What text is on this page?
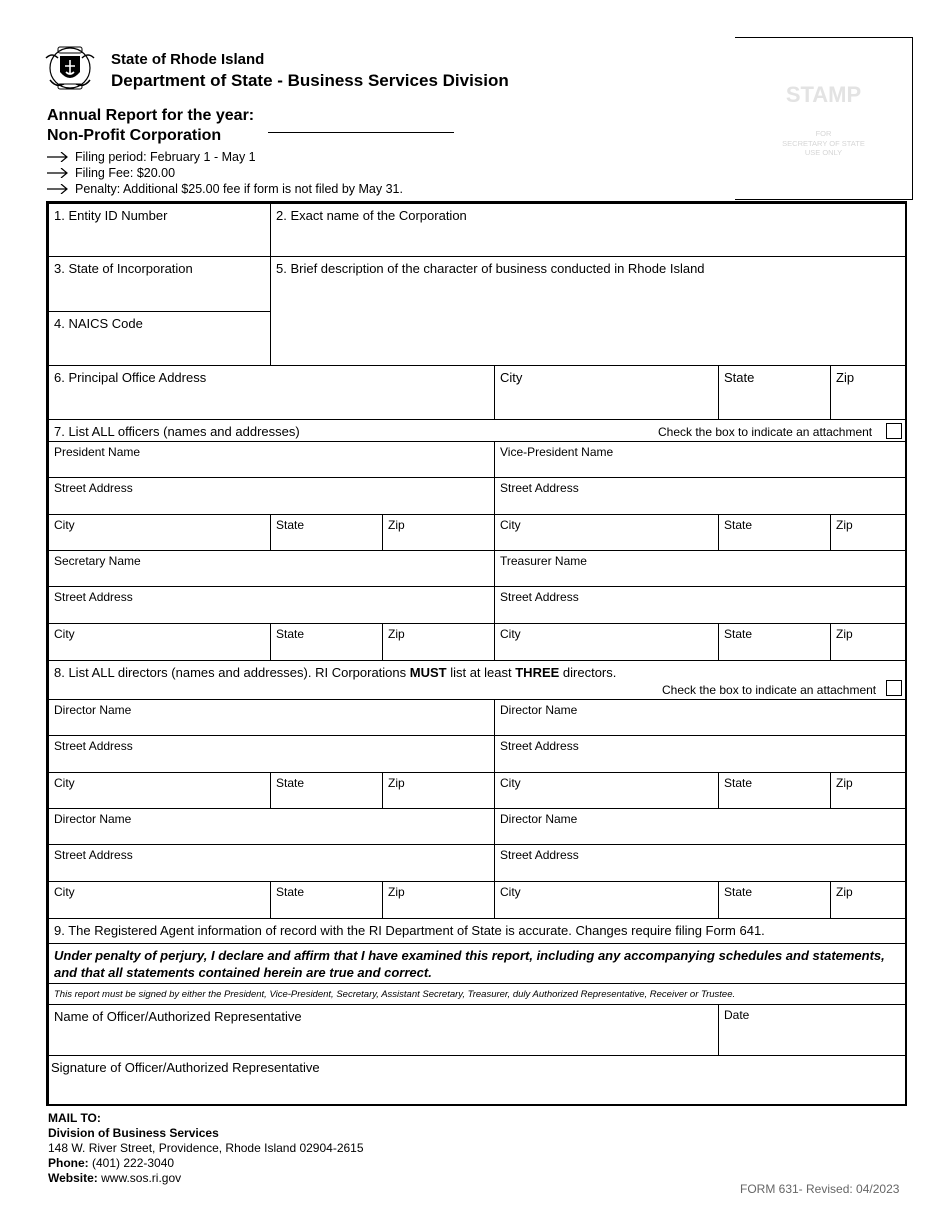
State of Rhode Island
Department of State - Business Services Division
Annual Report for the year:
Non-Profit Corporation
Filing period: February 1 - May 1
Filing Fee: $20.00
Penalty: Additional $25.00 fee if form is not filed by May 31.
STAMP
FOR
SECRETARY OF STATE
USE ONLY
1. Entity ID Number	2. Exact name of the Corporation
3. State of Incorporation
4. NAICS Code
5. Brief description of the character of business conducted in Rhode Island
6. Principal Office Address	City	State	Zip
7. List ALL officers (names and addresses)	Check the box to indicate an attachment
President Name	Vice-President Name
Street Address	Street Address
City	State	Zip	City	State	Zip
Secretary Name	Treasurer Name
Street Address	Street Address
City	State	Zip	City	State	Zip
8. List ALL directors (names and addresses). RI Corporations MUST list at least THREE directors.
Check the box to indicate an attachment
Director Name	Director Name
Street Address	Street Address
City	State	Zip	City	State	Zip
Director Name	Director Name
Street Address	Street Address
City	State	Zip	City	State	Zip
9. The Registered Agent information of record with the RI Department of State is accurate. Changes require filing Form 641.
Under penalty of perjury, I declare and affirm that I have examined this report, including any accompanying schedules and statements, and that all statements contained herein are true and correct.
This report must be signed by either the President, Vice-President, Secretary, Assistant Secretary, Treasurer, duly Authorized Representative, Receiver or Trustee.
Name of Officer/Authorized Representative	Date
Signature of Officer/Authorized Representative
MAIL TO:
Division of Business Services
148 W. River Street, Providence, Rhode Island 02904-2615
Phone: (401) 222-3040
Website: www.sos.ri.gov
FORM 631- Revised: 04/2023
